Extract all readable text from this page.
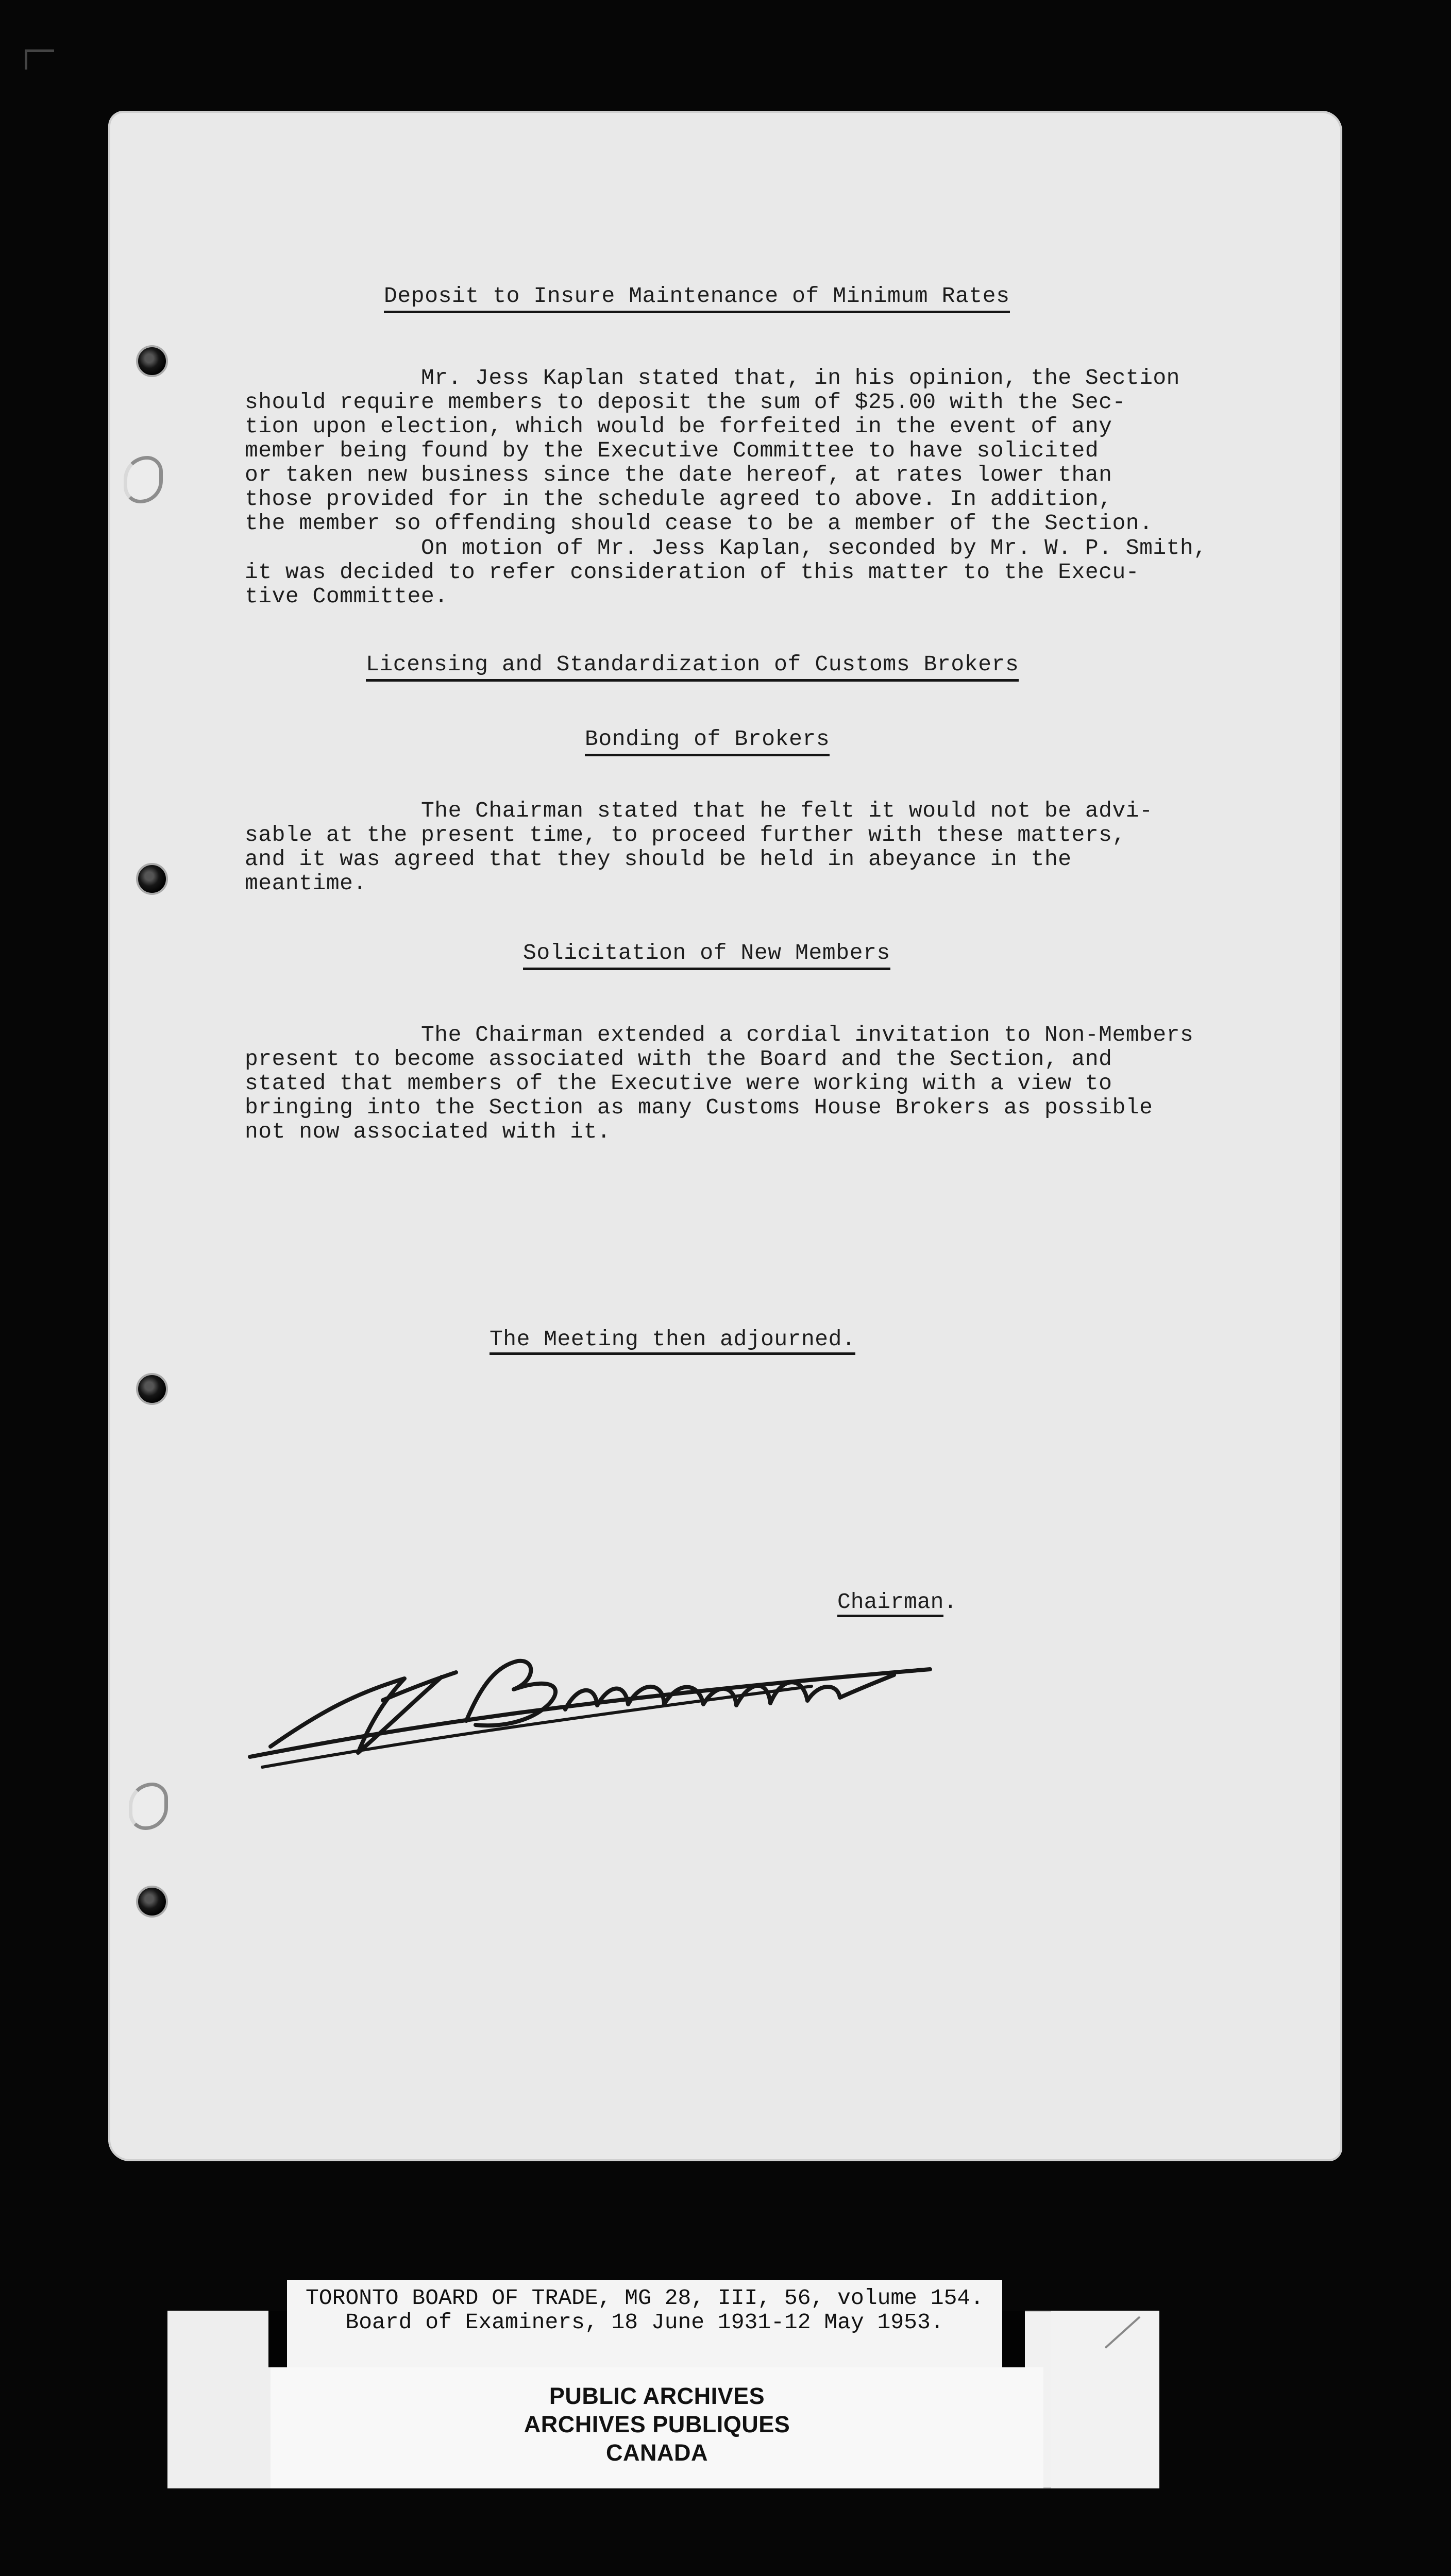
Deposit to Insure Maintenance of Minimum Rates

Mr. Jess Kaplan stated that, in his opinion, the Section
should require members to deposit the sum of $25.00 with the Sec-
tion upon election, which would be forfeited in the event of any
member being found by the Executive Committee to have solicited
or taken new business since the date hereof, at rates lower than
those provided for in the schedule agreed to above. In addition,
the member so offending should cease to be a member of the Section.

On motion of Mr. Jess Kaplan, seconded by Mr. W. P. Smith,
it was decided to refer consideration of this matter to the Execu-
tive Committee.

Licensing and Standardization of Customs Brokers
Bonding of Brokers

The Chairman stated that he felt it would not be advi-
sable at the present time, to proceed further with these matters,
and it was agreed that they should be held in abeyance in the
meantime.

Solicitation of New Members

The Chairman extended a cordial invitation to Non-Members
present to become associated with the Board and the Section, and
stated that members of the Executive were working with a view to
bringing into the Section as many Customs House Brokers as possible
not now associated with it.

The Meeting then adjourned.
Chairman.
TORONTO BOARD OF TRADE, MG 28, III, 56, volume 154.
Board of Examiners, 18 June 1931-12 May 1953.
PUBLIC ARCHIVES
ARCHIVES PUBLIQUES
CANADA
